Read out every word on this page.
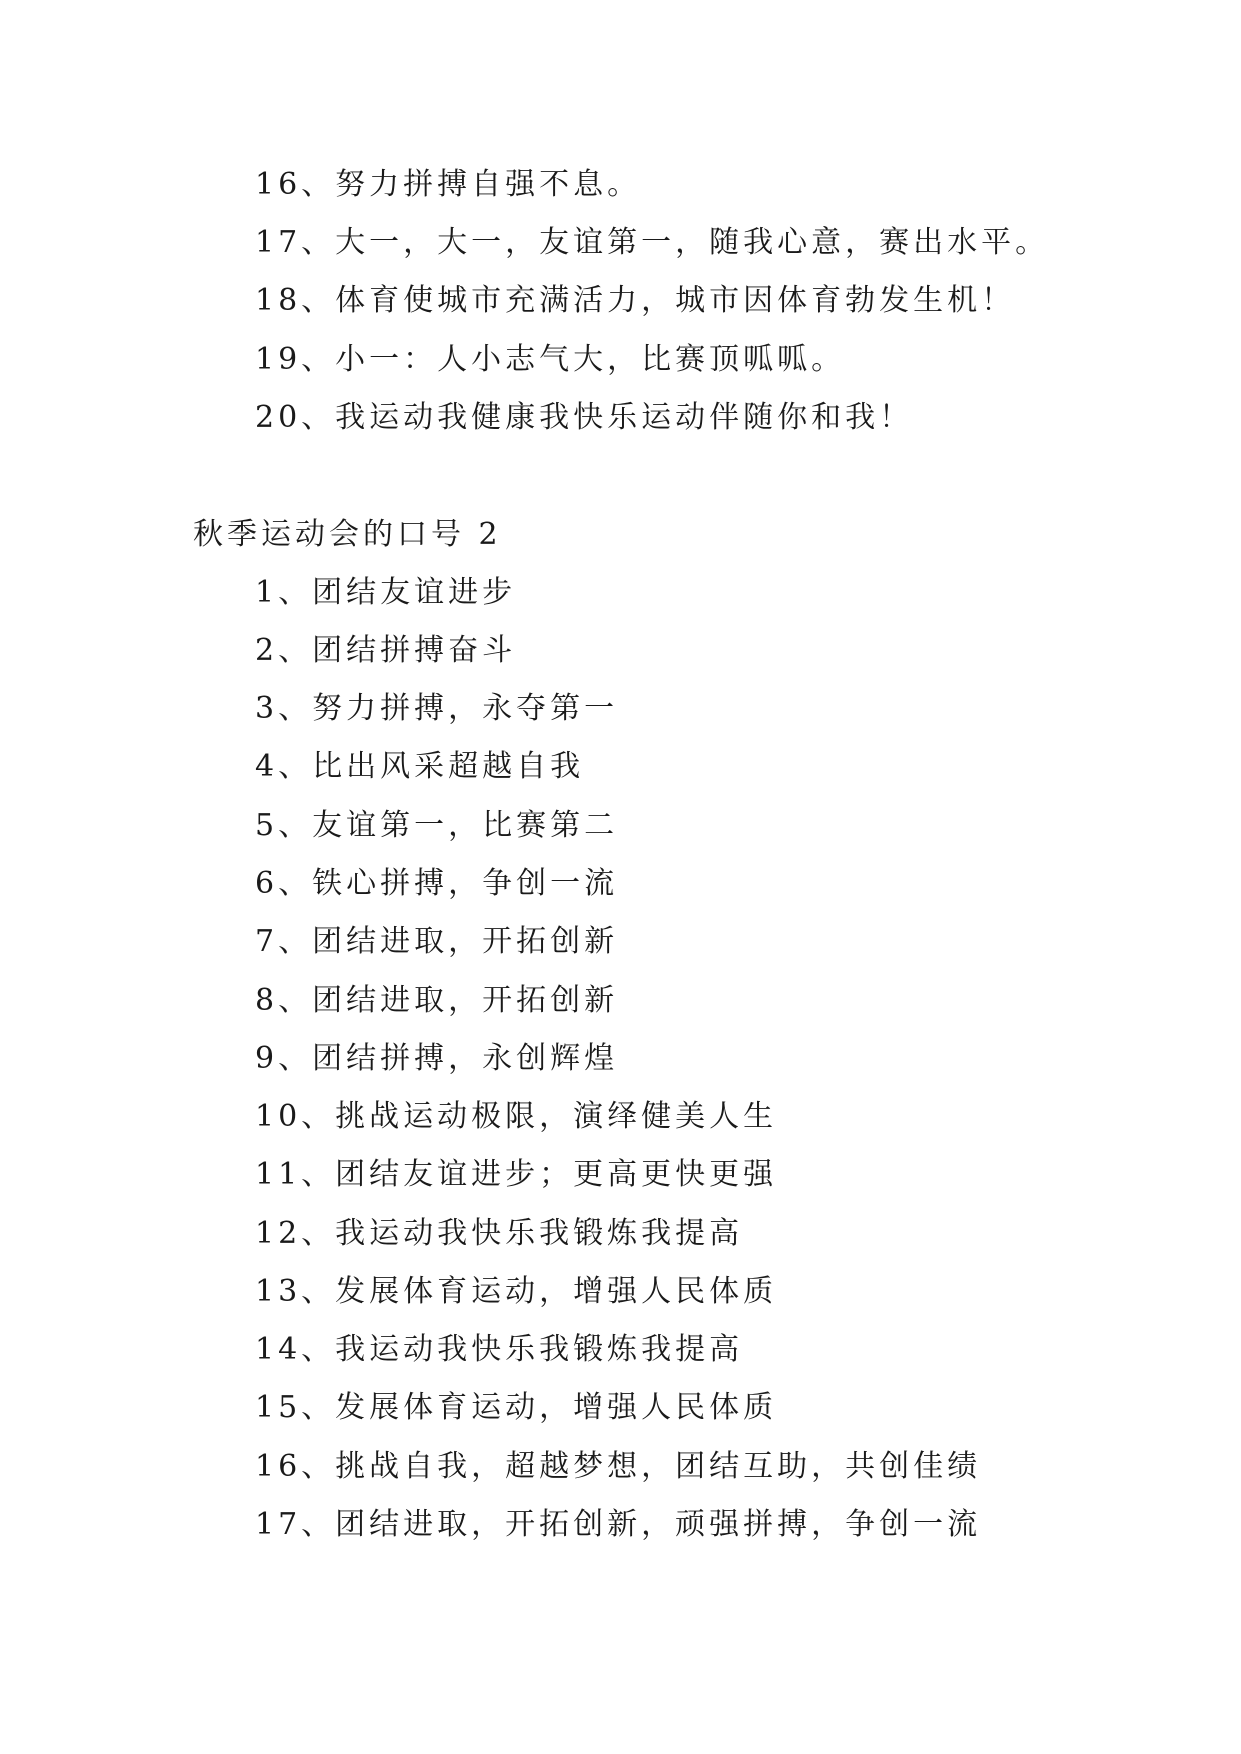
16、努力拼搏自强不息。
17、大一，大一，友谊第一，随我心意，赛出水平。
18、体育使城市充满活力，城市因体育勃发生机！
19、小一：人小志气大，比赛顶呱呱。
20、我运动我健康我快乐运动伴随你和我！
秋季运动会的口号 2
1、团结友谊进步
2、团结拼搏奋斗
3、努力拼搏，永夺第一
4、比出风采超越自我
5、友谊第一，比赛第二
6、铁心拼搏，争创一流
7、团结进取，开拓创新
8、团结进取，开拓创新
9、团结拼搏，永创辉煌
10、挑战运动极限，演绎健美人生
11、团结友谊进步；更高更快更强
12、我运动我快乐我锻炼我提高
13、发展体育运动，增强人民体质
14、我运动我快乐我锻炼我提高
15、发展体育运动，增强人民体质
16、挑战自我，超越梦想，团结互助，共创佳绩
17、团结进取，开拓创新，顽强拼搏，争创一流
